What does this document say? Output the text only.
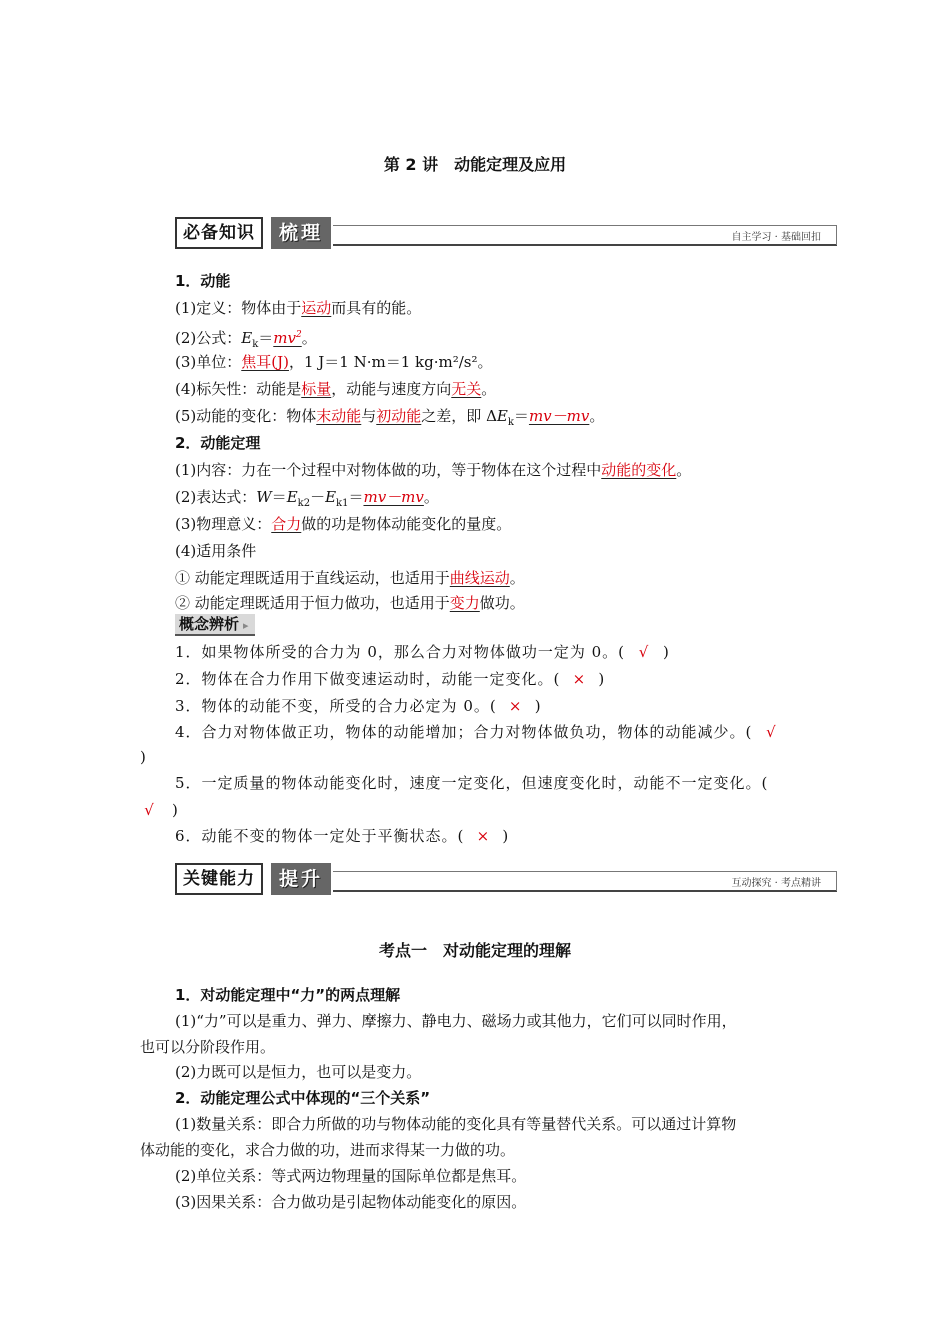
第 2 讲　动能定理及应用
必备知识	梳理	自主学习 · 基础回扣
1．动能
(1)定义：物体由于运动而具有的能。
(2)公式：$E_k=mv^2$。
(3)单位：焦耳(J)，1 J＝1 N·m＝1 kg·m²/s²。
(4)标矢性：动能是标量，动能与速度方向无关。
(5)动能的变化：物体末动能与初动能之差，即 $\Delta E_k=mv-mv$。
2．动能定理
(1)内容：力在一个过程中对物体做的功，等于物体在这个过程中动能的变化。
(2)表达式：$W=E_{k2}-E_{k1}=mv-mv$。
(3)物理意义：合力做的功是物体动能变化的量度。
(4)适用条件
① 动能定理既适用于直线运动，也适用于曲线运动。
② 动能定理既适用于恒力做功，也适用于变力做功。
概念辨析 ▸
1．如果物体所受的合力为 0，那么合力对物体做功一定为 0。( √ )
2．物体在合力作用下做变速运动时，动能一定变化。( × )
3．物体的动能不变，所受的合力必定为 0。( × )
4．合力对物体做正功，物体的动能增加；合力对物体做负功，物体的动能减少。( √
)
5．一定质量的物体动能变化时，速度一定变化，但速度变化时，动能不一定变化。(
√ )
6．动能不变的物体一定处于平衡状态。( × )
关键能力	提升	互动探究 · 考点精讲
考点一　对动能定理的理解
1．对动能定理中“力”的两点理解
(1)“力”可以是重力、弹力、摩擦力、静电力、磁场力或其他力，它们可以同时作用，
也可以分阶段作用。
(2)力既可以是恒力，也可以是变力。
2．动能定理公式中体现的“三个关系”
(1)数量关系：即合力所做的功与物体动能的变化具有等量替代关系。可以通过计算物
体动能的变化，求合力做的功，进而求得某一力做的功。
(2)单位关系：等式两边物理量的国际单位都是焦耳。
(3)因果关系：合力做功是引起物体动能变化的原因。
